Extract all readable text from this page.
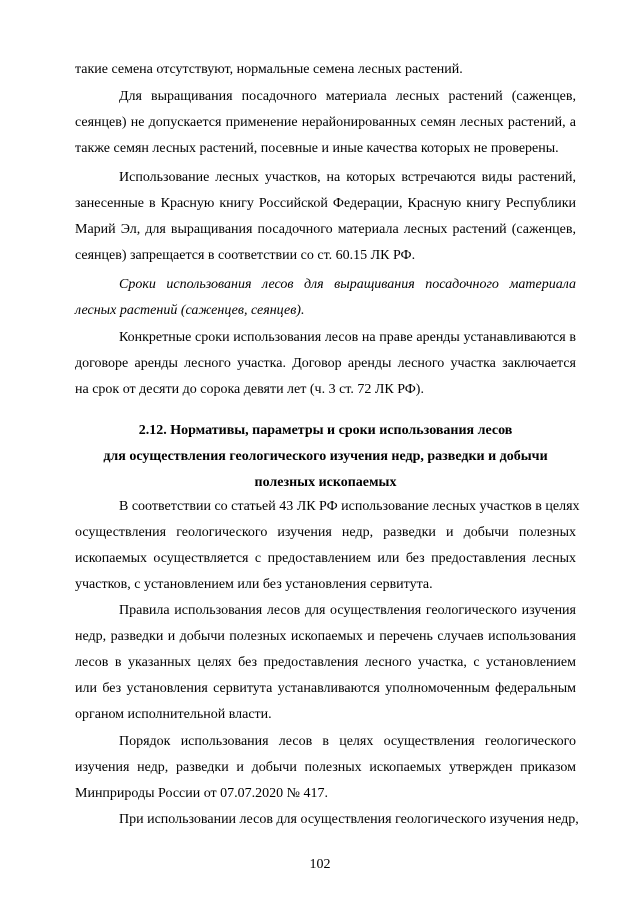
такие семена отсутствуют, нормальные семена лесных растений.
Для выращивания посадочного материала лесных растений (саженцев,
сеянцев) не допускается применение нерайонированных семян лесных растений, а
также семян лесных растений, посевные и иные качества которых не проверены.
Использование лесных участков, на которых встречаются виды растений,
занесенные в Красную книгу Российской Федерации, Красную книгу Республики
Марий Эл, для выращивания посадочного материала лесных растений (саженцев,
сеянцев) запрещается в соответствии со ст. 60.15 ЛК РФ.
Сроки использования лесов для выращивания посадочного материала
лесных растений (саженцев, сеянцев).
Конкретные сроки использования лесов на праве аренды устанавливаются в
договоре аренды лесного участка. Договор аренды лесного участка заключается
на срок от десяти до сорока девяти лет (ч. 3 ст. 72 ЛК РФ).
2.12. Нормативы, параметры и сроки использования лесов
для осуществления геологического изучения недр, разведки и добычи
полезных ископаемых
В соответствии со статьей 43 ЛК РФ использование лесных участков в целях
осуществления геологического изучения недр, разведки и добычи полезных
ископаемых осуществляется с предоставлением или без предоставления лесных
участков, с установлением или без установления сервитута.
Правила использования лесов для осуществления геологического изучения
недр, разведки и добычи полезных ископаемых и перечень случаев использования
лесов в указанных целях без предоставления лесного участка, с установлением
или без установления сервитута устанавливаются уполномоченным федеральным
органом исполнительной власти.
Порядок использования лесов в целях осуществления геологического
изучения недр, разведки и добычи полезных ископаемых утвержден приказом
Минприроды России от 07.07.2020 № 417.
При использовании лесов для осуществления геологического изучения недр,
102
